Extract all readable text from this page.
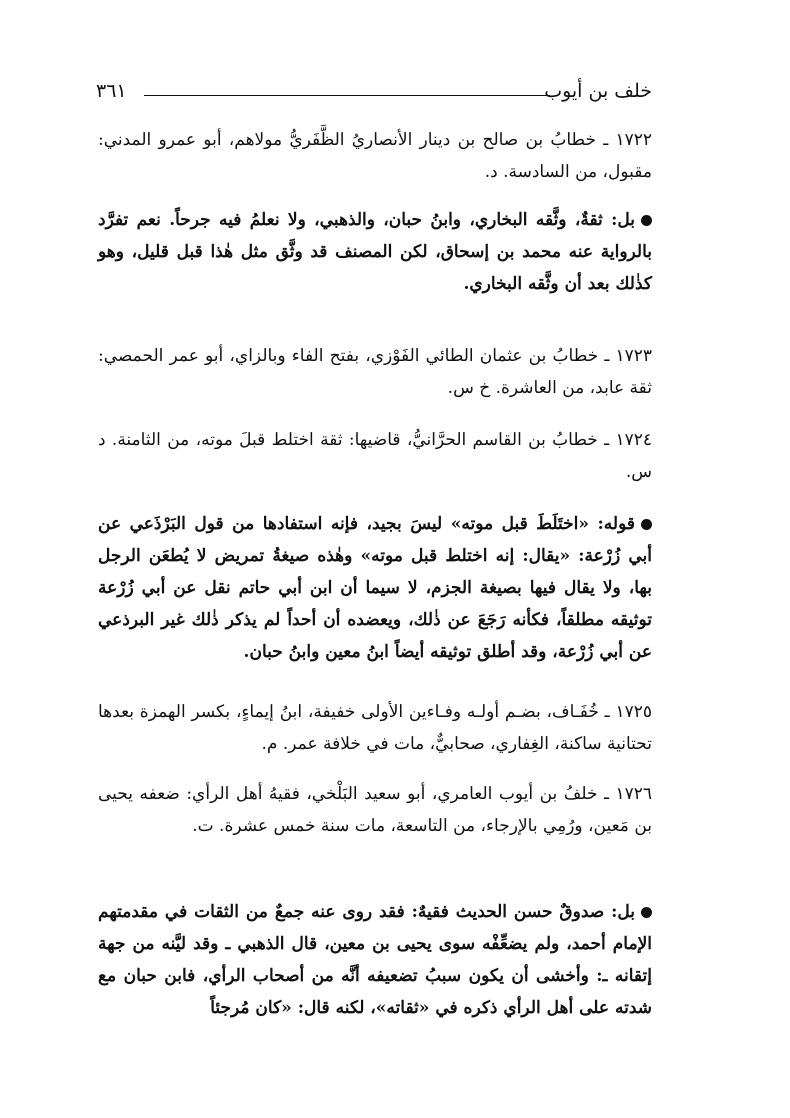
خلف بن أيوب
٣٦١
١٧٢٢ ـ خطابُ بن صالح بن دينار الأنصاريُ الظَّفَريُّ مولاهم، أبو عمرو المدني: مقبول، من السادسة. د.
بل: ثقةٌ، وثَّقه البخاري، وابنُ حبان، والذهبي، ولا نعلمُ فيه جرحاً. نعم تفرَّد بالرواية عنه محمد بن إسحاق، لكن المصنف قد وثَّق مثل هٰذا قبل قليل، وهو كذٰلك بعد أن وثَّقه البخاري.
١٧٢٣ ـ خطابُ بن عثمان الطائي الفَوْزي، بفتح الفاء وبالزاي، أبو عمر الحمصي: ثقة عابد، من العاشرة. خ س.
١٧٢٤ ـ خطابُ بن القاسم الحرَّانيُّ، قاضيها: ثقة اختلط قبلَ موته، من الثامنة. د س.
قوله: «اختَلَطَ قبل موته» ليسَ بجيد، فإنه استفادها من قول البَرْذَعي عن أبي زُرْعة: «يقال: إنه اختلط قبل موته» وهٰذه صيغةُ تمريض لا يُطعَن الرجل بها، ولا يقال فيها بصيغة الجزم، لا سيما أن ابن أبي حاتم نقل عن أبي زُرْعة توثيقه مطلقاً، فكأنه رَجَعَ عن ذٰلك، ويعضده أن أحداً لم يذكر ذٰلك غير البرذعي عن أبي زُرْعة، وقد أطلق توثيقه أيضاً ابنُ معين وابنُ حبان.
١٧٢٥ ـ خُفَـاف، بضـم أولـه وفـاءين الأولى خفيفة، ابنُ إيماءٍ، بكسر الهمزة بعدها تحتانية ساكنة، الغِفاري، صحابيٌّ، مات في خلافة عمر. م.
١٧٢٦ ـ خلفُ بن أيوب العامري، أبو سعيد البَلْخي، فقيهُ أهل الرأي: ضعفه يحيى بن مَعين، ورُمِي بالإرجاء، من التاسعة، مات سنة خمس عشرة. ت.
بل: صدوقٌ حسن الحديث فقيهٌ: فقد روى عنه جمعٌ من الثقات في مقدمتهم الإمام أحمد، ولم يضعِّفْه سوى يحيى بن معين، قال الذهبي ـ وقد ليَّنه من جهة إتقانه ـ: وأخشى أن يكون سببُ تضعيفه أنَّه من أصحاب الرأي، فابن حبان مع شدته على أهل الرأي ذكره في «ثقاته»، لكنه قال: «كان مُرجئاً
